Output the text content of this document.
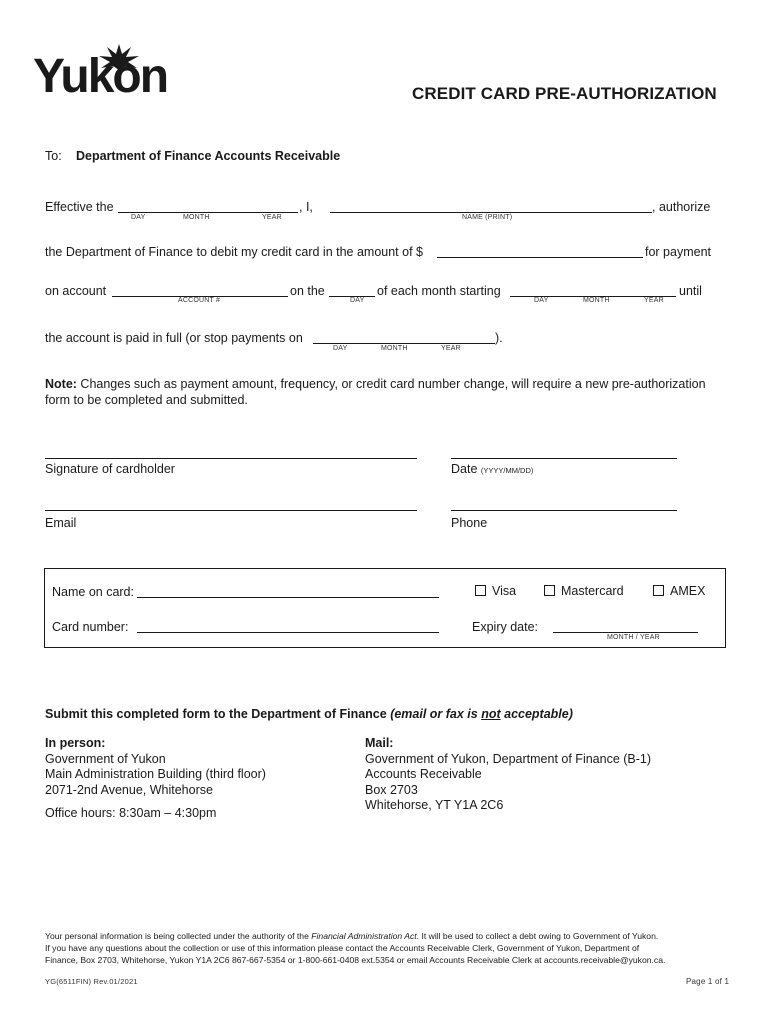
Yukon	CREDIT CARD PRE-AUTHORIZATION
To: Department of Finance Accounts Receivable
Effective the	, I,	, authorize
DAY	MONTH	YEAR	NAME (PRINT)
the Department of Finance to debit my credit card in the amount of $	for payment
on account	on the	of each month starting	until
ACCOUNT #	DAY	DAY	MONTH	YEAR
the account is paid in full (or stop payments on	).
DAY	MONTH	YEAR
Note: Changes such as payment amount, frequency, or credit card number change, will require a new pre-authorization
form to be completed and submitted.
Signature of cardholder	Date (YYYY/MM/DD)
Email	Phone
Name on card:	Visa	Mastercard	AMEX
Card number:	Expiry date:
MONTH / YEAR
Submit this completed form to the Department of Finance (email or fax is not acceptable)
In person:
Government of Yukon
Main Administration Building (third floor)
2071-2nd Avenue, Whitehorse
Office hours: 8:30am – 4:30pm
Mail:
Government of Yukon, Department of Finance (B-1)
Accounts Receivable
Box 2703
Whitehorse, YT Y1A 2C6
Your personal information is being collected under the authority of the Financial Administration Act. It will be used to collect a debt owing to Government of Yukon.
If you have any questions about the collection or use of this information please contact the Accounts Receivable Clerk, Government of Yukon, Department of
Finance, Box 2703, Whitehorse, Yukon Y1A 2C6 867-667-5354 or 1-800-661-0408 ext.5354 or email Accounts Receivable Clerk at accounts.receivable@yukon.ca.
YG(6511FIN) Rev.01/2021	Page 1 of 1
